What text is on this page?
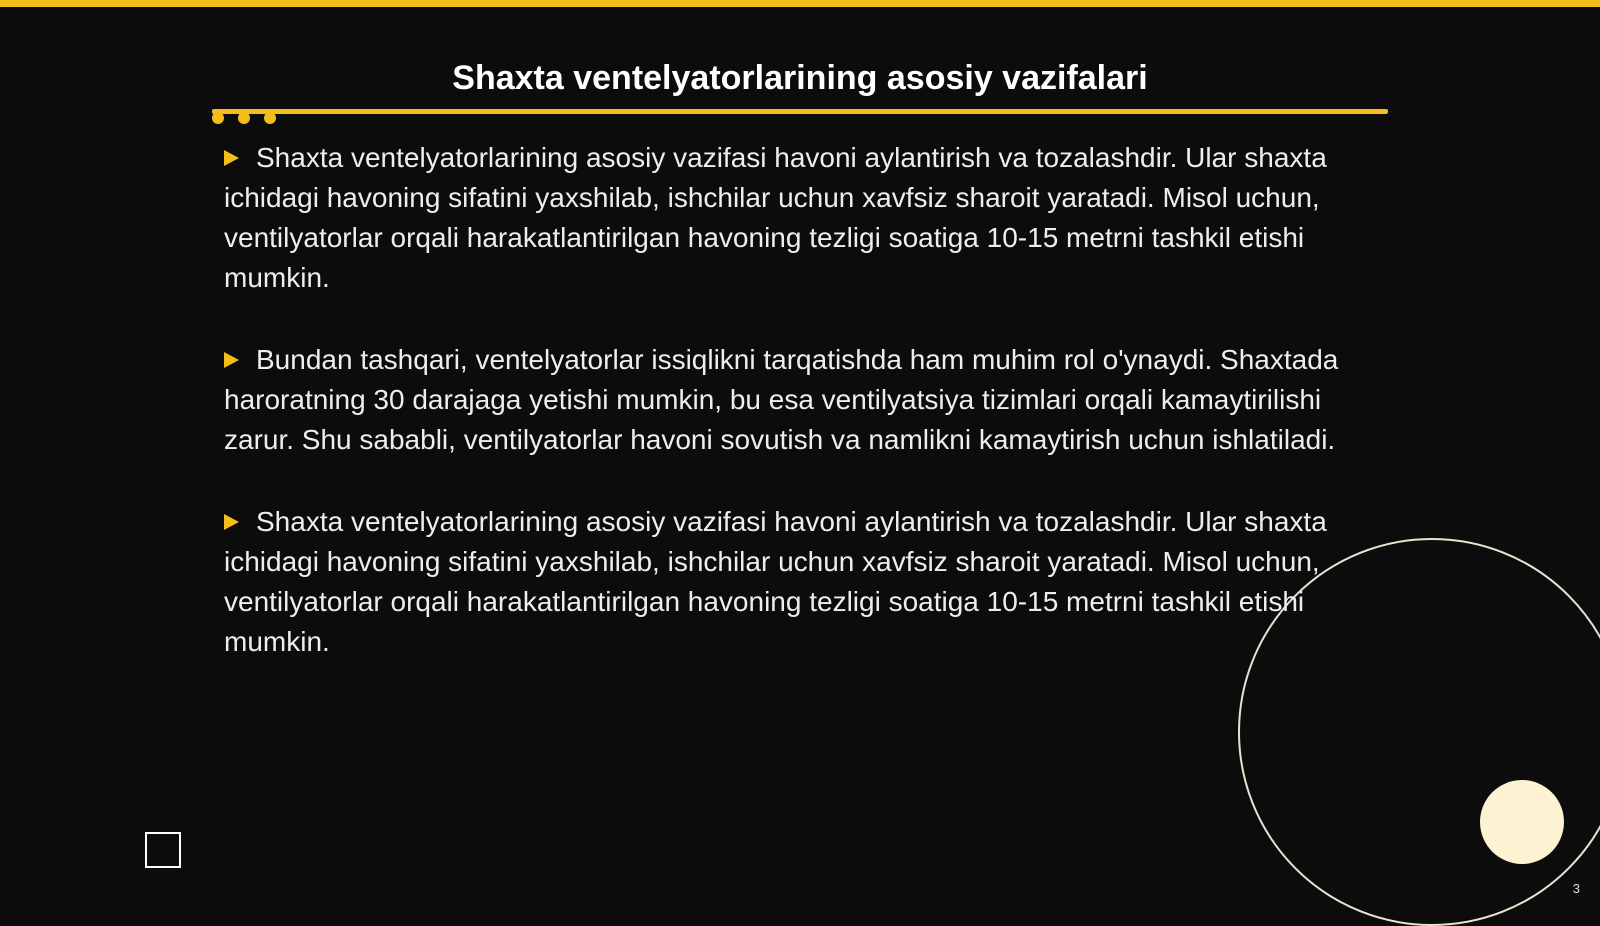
Shaxta ventelyatorlarining asosiy vazifalari

Shaxta ventelyatorlarining asosiy vazifasi havoni aylantirish va tozalashdir. Ular shaxta ichidagi havoning sifatini yaxshilab, ishchilar uchun xavfsiz sharoit yaratadi. Misol uchun, ventilyatorlar orqali harakatlantirilgan havoning tezligi soatiga 10-15 metrni tashkil etishi mumkin.

Bundan tashqari, ventelyatorlar issiqlikni tarqatishda ham muhim rol o'ynaydi. Shaxtada haroratning 30 darajaga yetishi mumkin, bu esa ventilyatsiya tizimlari orqali kamaytirilishi zarur. Shu sababli, ventilyatorlar havoni sovutish va namlikni kamaytirish uchun ishlatiladi.

Shaxta ventelyatorlarining asosiy vazifasi havoni aylantirish va tozalashdir. Ular shaxta ichidagi havoning sifatini yaxshilab, ishchilar uchun xavfsiz sharoit yaratadi. Misol uchun, ventilyatorlar orqali harakatlantirilgan havoning tezligi soatiga 10-15 metrni tashkil etishi mumkin.

3
